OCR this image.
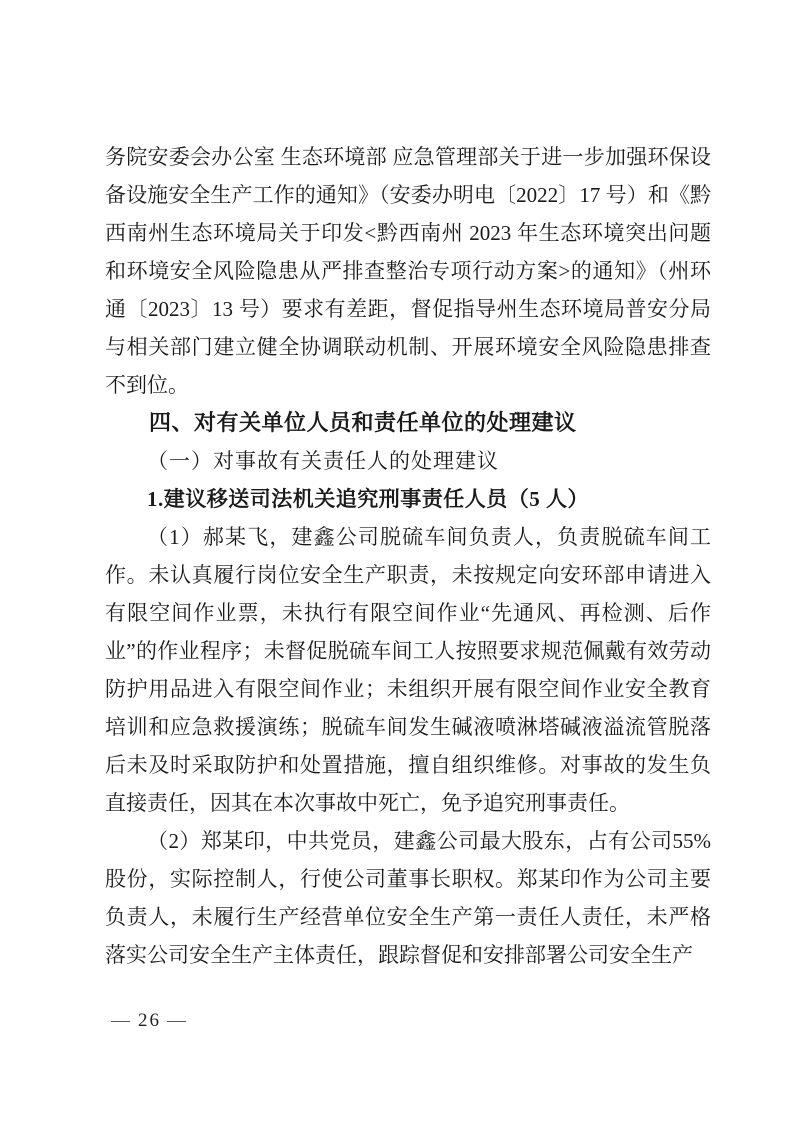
务院安委会办公室 生态环境部 应急管理部关于进一步加强环保设备设施安全生产工作的通知》（安委办明电〔2022〕17 号）和《黔西南州生态环境局关于印发<黔西南州 2023 年生态环境突出问题和环境安全风险隐患从严排查整治专项行动方案>的通知》（州环通〔2023〕13 号）要求有差距，督促指导州生态环境局普安分局与相关部门建立健全协调联动机制、开展环境安全风险隐患排查不到位。

四、对有关单位人员和责任单位的处理建议
（一）对事故有关责任人的处理建议
1.建议移送司法机关追究刑事责任人员（5 人）

（1）郝某飞，建鑫公司脱硫车间负责人，负责脱硫车间工作。未认真履行岗位安全生产职责，未按规定向安环部申请进入有限空间作业票，未执行有限空间作业“先通风、再检测、后作业”的作业程序；未督促脱硫车间工人按照要求规范佩戴有效劳动防护用品进入有限空间作业；未组织开展有限空间作业安全教育培训和应急救援演练；脱硫车间发生碱液喷淋塔碱液溢流管脱落后未及时采取防护和处置措施，擅自组织维修。对事故的发生负直接责任，因其在本次事故中死亡，免予追究刑事责任。

（2）郑某印，中共党员，建鑫公司最大股东，占有公司55%股份，实际控制人，行使公司董事长职权。郑某印作为公司主要负责人，未履行生产经营单位安全生产第一责任人责任，未严格落实公司安全生产主体责任，跟踪督促和安排部署公司安全生产

— 26 —
